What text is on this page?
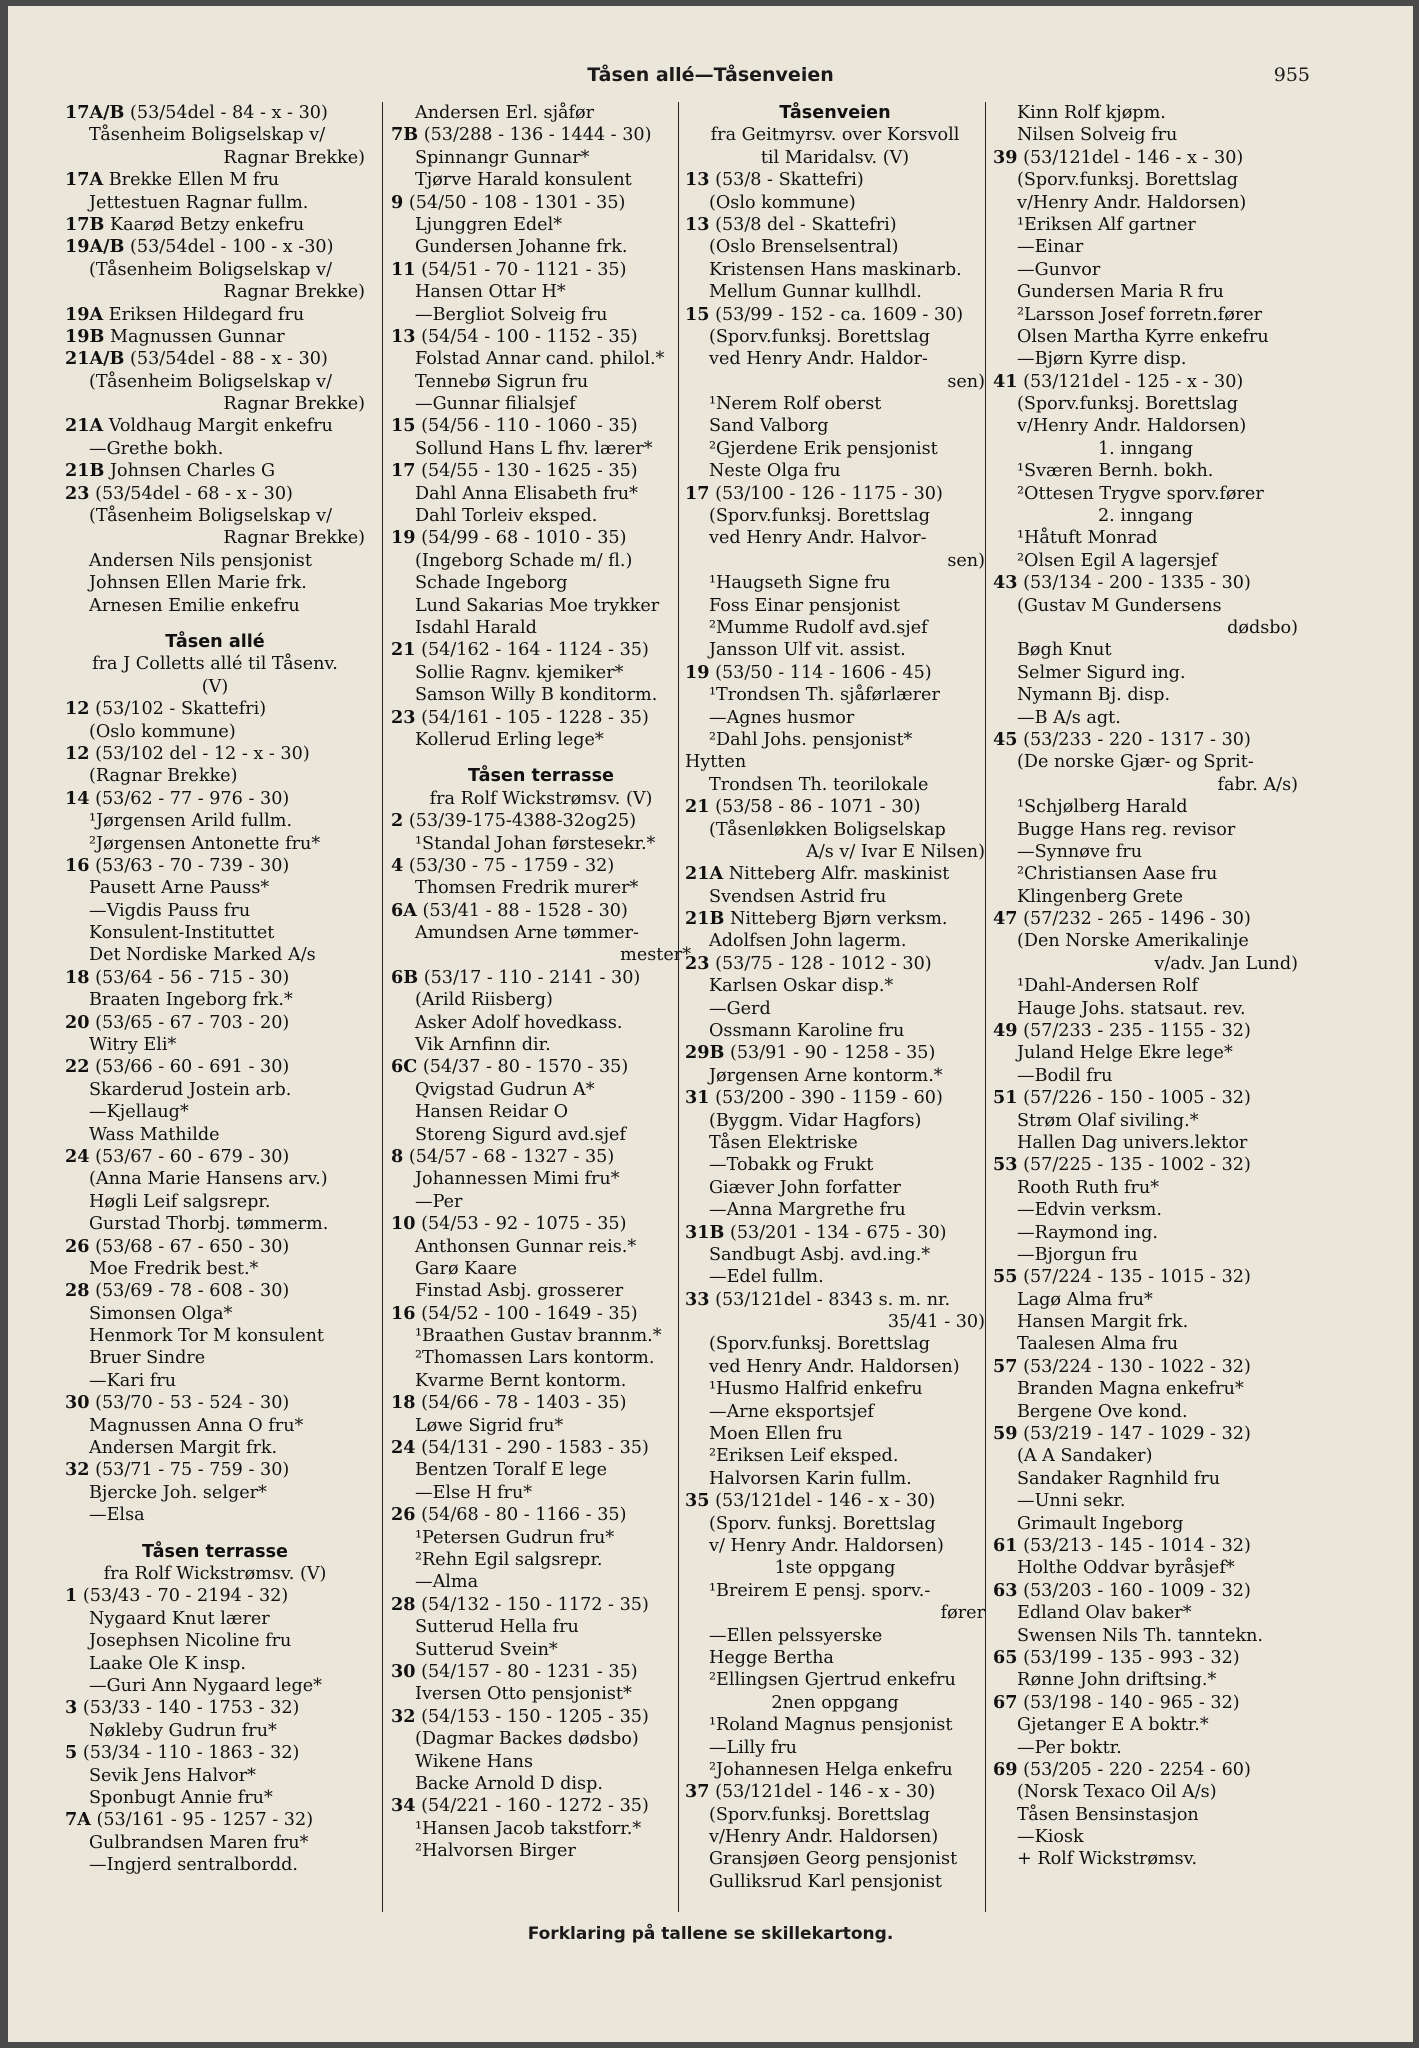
Tåsen allé—Tåsenveien	955
17A/B (53/54del - 84 - x - 30)
Tåsenheim Boligselskap v/
Ragnar Brekke)
17A Brekke Ellen M fru
Jettestuen Ragnar fullm.
17B Kaarød Betzy enkefru
19A/B (53/54del - 100 - x -30)
(Tåsenheim Boligselskap v/
Ragnar Brekke)
19A Eriksen Hildegard fru
19B Magnussen Gunnar
21A/B (53/54del - 88 - x - 30)
(Tåsenheim Boligselskap v/
Ragnar Brekke)
21A Voldhaug Margit enkefru
—Grethe bokh.
21B Johnsen Charles G
23 (53/54del - 68 - x - 30)
(Tåsenheim Boligselskap v/
Ragnar Brekke)
Andersen Nils pensjonist
Johnsen Ellen Marie frk.
Arnesen Emilie enkefru
Tåsen allé
fra J Colletts allé til Tåsenv.
(V)
12 (53/102 - Skattefri)
(Oslo kommune)
12 (53/102 del - 12 - x - 30)
(Ragnar Brekke)
14 (53/62 - 77 - 976 - 30)
¹Jørgensen Arild fullm.
²Jørgensen Antonette fru*
16 (53/63 - 70 - 739 - 30)
Pausett Arne Pauss*
—Vigdis Pauss fru
Konsulent-Instituttet
Det Nordiske Marked A/s
18 (53/64 - 56 - 715 - 30)
Braaten Ingeborg frk.*
20 (53/65 - 67 - 703 - 20)
Witry Eli*
22 (53/66 - 60 - 691 - 30)
Skarderud Jostein arb.
—Kjellaug*
Wass Mathilde
24 (53/67 - 60 - 679 - 30)
(Anna Marie Hansens arv.)
Høgli Leif salgsrepr.
Gurstad Thorbj. tømmerm.
26 (53/68 - 67 - 650 - 30)
Moe Fredrik best.*
28 (53/69 - 78 - 608 - 30)
Simonsen Olga*
Henmork Tor M konsulent
Bruer Sindre
—Kari fru
30 (53/70 - 53 - 524 - 30)
Magnussen Anna O fru*
Andersen Margit frk.
32 (53/71 - 75 - 759 - 30)
Bjercke Joh. selger*
—Elsa
Tåsen terrasse
fra Rolf Wickstrømsv. (V)
1 (53/43 - 70 - 2194 - 32)
Nygaard Knut lærer
Josephsen Nicoline fru
Laake Ole K insp.
—Guri Ann Nygaard lege*
3 (53/33 - 140 - 1753 - 32)
Nøkleby Gudrun fru*
5 (53/34 - 110 - 1863 - 32)
Sevik Jens Halvor*
Sponbugt Annie fru*
7A (53/161 - 95 - 1257 - 32)
Gulbrandsen Maren fru*
—Ingjerd sentralbordd.
Andersen Erl. sjåfør
7B (53/288 - 136 - 1444 - 30)
Spinnangr Gunnar*
Tjørve Harald konsulent
9 (54/50 - 108 - 1301 - 35)
Ljunggren Edel*
Gundersen Johanne frk.
11 (54/51 - 70 - 1121 - 35)
Hansen Ottar H*
—Bergliot Solveig fru
13 (54/54 - 100 - 1152 - 35)
Folstad Annar cand. philol.*
Tennebø Sigrun fru
—Gunnar filialsjef
15 (54/56 - 110 - 1060 - 35)
Sollund Hans L fhv. lærer*
17 (54/55 - 130 - 1625 - 35)
Dahl Anna Elisabeth fru*
Dahl Torleiv eksped.
19 (54/99 - 68 - 1010 - 35)
(Ingeborg Schade m/ fl.)
Schade Ingeborg
Lund Sakarias Moe trykker
Isdahl Harald
21 (54/162 - 164 - 1124 - 35)
Sollie Ragnv. kjemiker*
Samson Willy B konditorm.
23 (54/161 - 105 - 1228 - 35)
Kollerud Erling lege*
Tåsen terrasse
fra Rolf Wickstrømsv. (V)
2 (53/39-175-4388-32og25)
¹Standal Johan førstesekr.*
4 (53/30 - 75 - 1759 - 32)
Thomsen Fredrik murer*
6A (53/41 - 88 - 1528 - 30)
Amundsen Arne tømmer-
mester*
6B (53/17 - 110 - 2141 - 30)
(Arild Riisberg)
Asker Adolf hovedkass.
Vik Arnfinn dir.
6C (54/37 - 80 - 1570 - 35)
Qvigstad Gudrun A*
Hansen Reidar O
Storeng Sigurd avd.sjef
8 (54/57 - 68 - 1327 - 35)
Johannessen Mimi fru*
—Per
10 (54/53 - 92 - 1075 - 35)
Anthonsen Gunnar reis.*
Garø Kaare
Finstad Asbj. grosserer
16 (54/52 - 100 - 1649 - 35)
¹Braathen Gustav brannm.*
²Thomassen Lars kontorm.
Kvarme Bernt kontorm.
18 (54/66 - 78 - 1403 - 35)
Løwe Sigrid fru*
24 (54/131 - 290 - 1583 - 35)
Bentzen Toralf E lege
—Else H fru*
26 (54/68 - 80 - 1166 - 35)
¹Petersen Gudrun fru*
²Rehn Egil salgsrepr.
—Alma
28 (54/132 - 150 - 1172 - 35)
Sutterud Hella fru
Sutterud Svein*
30 (54/157 - 80 - 1231 - 35)
Iversen Otto pensjonist*
32 (54/153 - 150 - 1205 - 35)
(Dagmar Backes dødsbo)
Wikene Hans
Backe Arnold D disp.
34 (54/221 - 160 - 1272 - 35)
¹Hansen Jacob takstforr.*
²Halvorsen Birger
Tåsenveien
fra Geitmyrsv. over Korsvoll
til Maridalsv. (V)
13 (53/8 - Skattefri)
(Oslo kommune)
13 (53/8 del - Skattefri)
(Oslo Brenselsentral)
Kristensen Hans maskinarb.
Mellum Gunnar kullhdl.
15 (53/99 - 152 - ca. 1609 - 30)
(Sporv.funksj. Borettslag
ved Henry Andr. Haldor-
sen)
¹Nerem Rolf oberst
Sand Valborg
²Gjerdene Erik pensjonist
Neste Olga fru
17 (53/100 - 126 - 1175 - 30)
(Sporv.funksj. Borettslag
ved Henry Andr. Halvor-
sen)
¹Haugseth Signe fru
Foss Einar pensjonist
²Mumme Rudolf avd.sjef
Jansson Ulf vit. assist.
19 (53/50 - 114 - 1606 - 45)
¹Trondsen Th. sjåførlærer
—Agnes husmor
²Dahl Johs. pensjonist*
Hytten
Trondsen Th. teorilokale
21 (53/58 - 86 - 1071 - 30)
(Tåsenløkken Boligselskap
A/s v/ Ivar E Nilsen)
21A Nitteberg Alfr. maskinist
Svendsen Astrid fru
21B Nitteberg Bjørn verksm.
Adolfsen John lagerm.
23 (53/75 - 128 - 1012 - 30)
Karlsen Oskar disp.*
—Gerd
Ossmann Karoline fru
29B (53/91 - 90 - 1258 - 35)
Jørgensen Arne kontorm.*
31 (53/200 - 390 - 1159 - 60)
(Byggm. Vidar Hagfors)
Tåsen Elektriske
—Tobakk og Frukt
Giæver John forfatter
—Anna Margrethe fru
31B (53/201 - 134 - 675 - 30)
Sandbugt Asbj. avd.ing.*
—Edel fullm.
33 (53/121del - 8343 s. m. nr.
35/41 - 30)
(Sporv.funksj. Borettslag
ved Henry Andr. Haldorsen)
¹Husmo Halfrid enkefru
—Arne eksportsjef
Moen Ellen fru
²Eriksen Leif eksped.
Halvorsen Karin fullm.
35 (53/121del - 146 - x - 30)
(Sporv. funksj. Borettslag
v/ Henry Andr. Haldorsen)
1ste oppgang
¹Breirem E pensj. sporv.-
fører
—Ellen pelssyerske
Hegge Bertha
²Ellingsen Gjertrud enkefru
2nen oppgang
¹Roland Magnus pensjonist
—Lilly fru
²Johannesen Helga enkefru
37 (53/121del - 146 - x - 30)
(Sporv.funksj. Borettslag
v/Henry Andr. Haldorsen)
Gransjøen Georg pensjonist
Gulliksrud Karl pensjonist
Kinn Rolf kjøpm.
Nilsen Solveig fru
39 (53/121del - 146 - x - 30)
(Sporv.funksj. Borettslag
v/Henry Andr. Haldorsen)
¹Eriksen Alf gartner
—Einar
—Gunvor
Gundersen Maria R fru
²Larsson Josef forretn.fører
Olsen Martha Kyrre enkefru
—Bjørn Kyrre disp.
41 (53/121del - 125 - x - 30)
(Sporv.funksj. Borettslag
v/Henry Andr. Haldorsen)
1. inngang
¹Sværen Bernh. bokh.
²Ottesen Trygve sporv.fører
2. inngang
¹Håtuft Monrad
²Olsen Egil A lagersjef
43 (53/134 - 200 - 1335 - 30)
(Gustav M Gundersens
dødsbo)
Bøgh Knut
Selmer Sigurd ing.
Nymann Bj. disp.
—B A/s agt.
45 (53/233 - 220 - 1317 - 30)
(De norske Gjær- og Sprit-
fabr. A/s)
¹Schjølberg Harald
Bugge Hans reg. revisor
—Synnøve fru
²Christiansen Aase fru
Klingenberg Grete
47 (57/232 - 265 - 1496 - 30)
(Den Norske Amerikalinje
v/adv. Jan Lund)
¹Dahl-Andersen Rolf
Hauge Johs. statsaut. rev.
49 (57/233 - 235 - 1155 - 32)
Juland Helge Ekre lege*
—Bodil fru
51 (57/226 - 150 - 1005 - 32)
Strøm Olaf siviling.*
Hallen Dag univers.lektor
53 (57/225 - 135 - 1002 - 32)
Rooth Ruth fru*
—Edvin verksm.
—Raymond ing.
—Bjorgun fru
55 (57/224 - 135 - 1015 - 32)
Lagø Alma fru*
Hansen Margit frk.
Taalesen Alma fru
57 (53/224 - 130 - 1022 - 32)
Branden Magna enkefru*
Bergene Ove kond.
59 (53/219 - 147 - 1029 - 32)
(A A Sandaker)
Sandaker Ragnhild fru
—Unni sekr.
Grimault Ingeborg
61 (53/213 - 145 - 1014 - 32)
Holthe Oddvar byråsjef*
63 (53/203 - 160 - 1009 - 32)
Edland Olav baker*
Swensen Nils Th. tanntekn.
65 (53/199 - 135 - 993 - 32)
Rønne John driftsing.*
67 (53/198 - 140 - 965 - 32)
Gjetanger E A boktr.*
—Per boktr.
69 (53/205 - 220 - 2254 - 60)
(Norsk Texaco Oil A/s)
Tåsen Bensinstasjon
—Kiosk
+ Rolf Wickstrømsv.
Forklaring på tallene se skillekartong.
